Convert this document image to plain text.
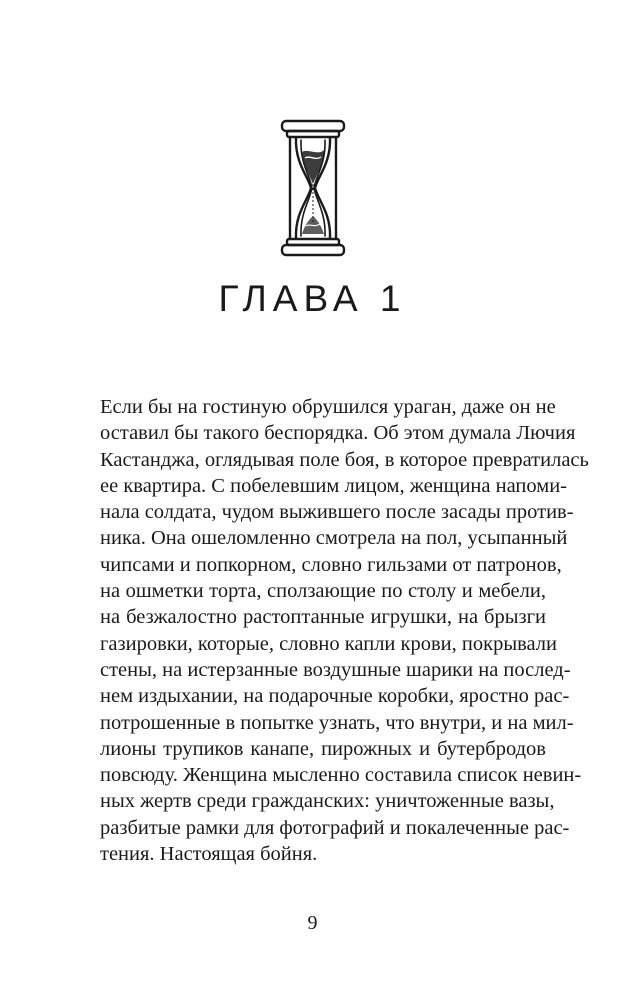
ГЛАВА 1
Если бы на гостиную обрушился ураган, даже он не
оставил бы такого беспорядка. Об этом думала Лючия
Кастанджа, оглядывая поле боя, в которое превратилась
ее квартира. С побелевшим лицом, женщина напоми-
нала солдата, чудом выжившего после засады против-
ника. Она ошеломленно смотрела на пол, усыпанный
чипсами и попкорном, словно гильзами от патронов,
на ошметки торта, сползающие по столу и мебели,
на безжалостно растоптанные игрушки, на брызги
газировки, которые, словно капли крови, покрывали
стены, на истерзанные воздушные шарики на послед-
нем издыхании, на подарочные коробки, яростно рас-
потрошенные в попытке узнать, что внутри, и на мил-
лионы трупиков канапе, пирожных и бутербродов
повсюду. Женщина мысленно составила список невин-
ных жертв среди гражданских: уничтоженные вазы,
разбитые рамки для фотографий и покалеченные рас-
тения. Настоящая бойня.
9
